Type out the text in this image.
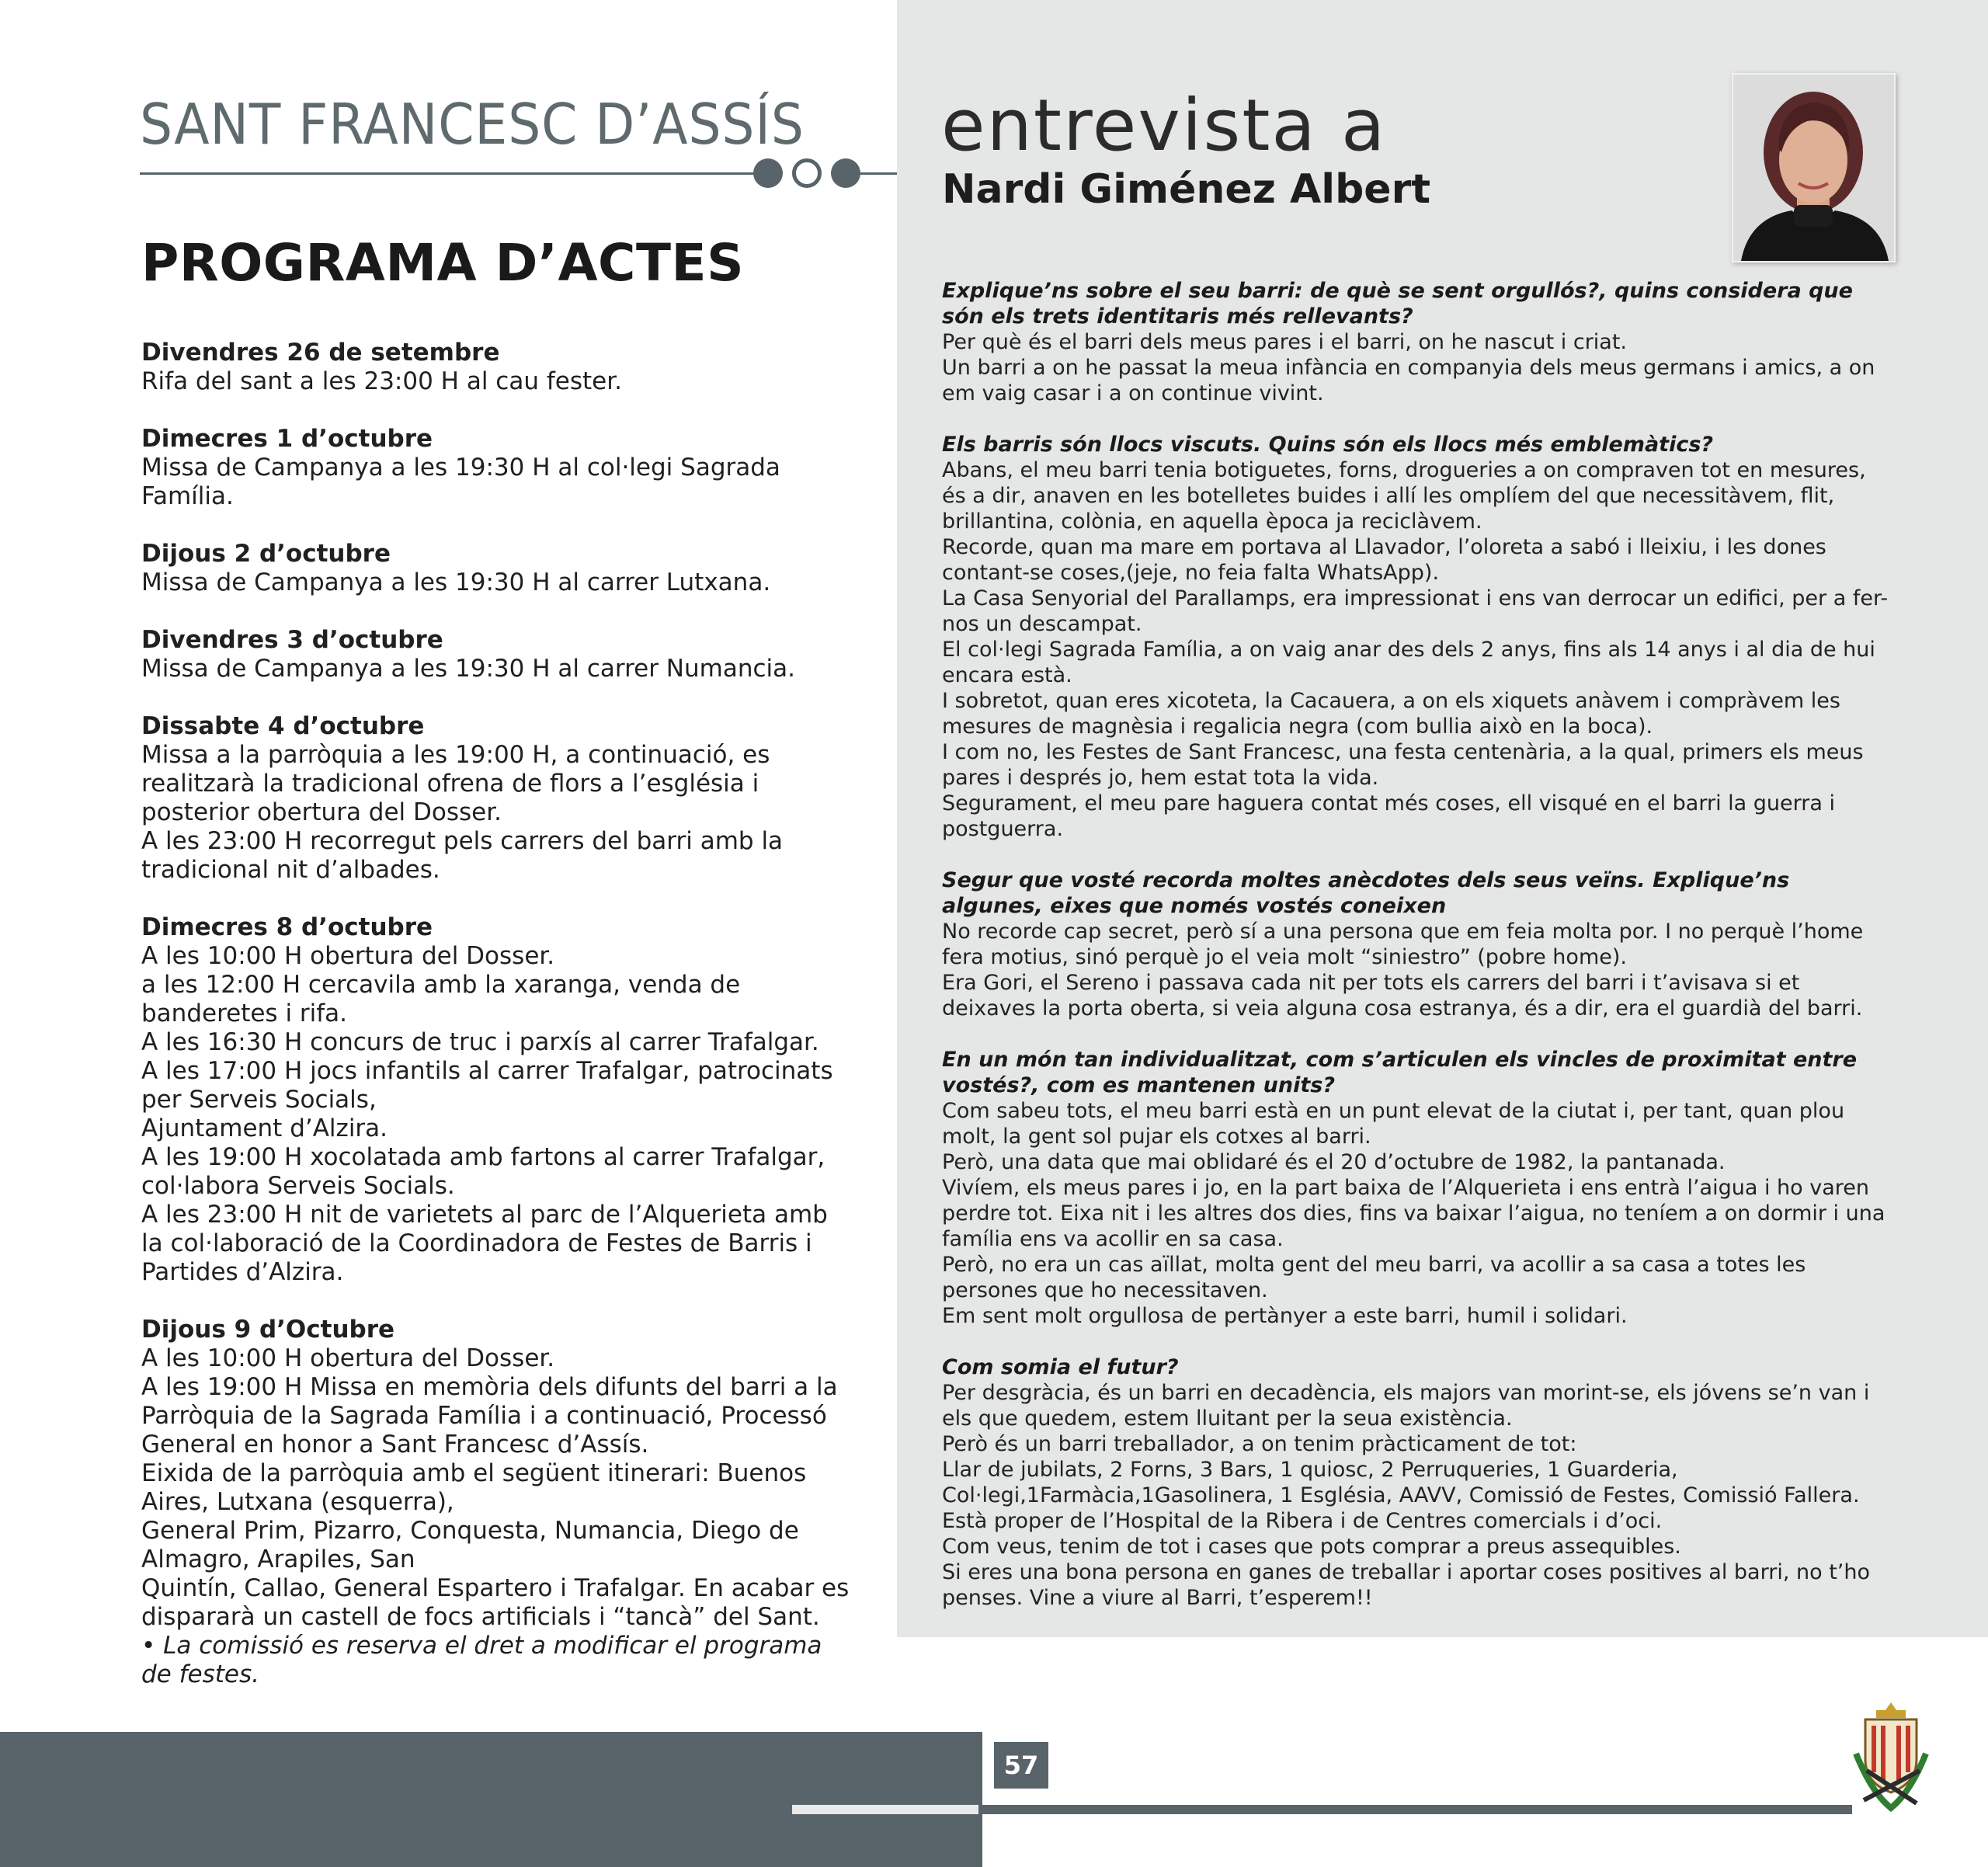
SANT FRANCESC D’ASSÍS
PROGRAMA D’ACTES
Divendres 26 de setembre
Rifa del sant a les 23:00 H al cau fester.
Dimecres 1 d’octubre
Missa de Campanya a les 19:30 H al col·legi Sagrada Família.
Dijous 2 d’octubre
Missa de Campanya a les 19:30 H al carrer Lutxana.
Divendres 3 d’octubre
Missa de Campanya a les 19:30 H al carrer Numancia.
Dissabte 4 d’octubre
Missa a la parròquia a les 19:00 H, a continuació, es realitzarà la tradicional ofrena de flors a l’església i posterior obertura del Dosser.
A les 23:00 H recorregut pels carrers del barri amb la tradicional nit d’albades.
Dimecres 8 d’octubre
A les 10:00 H obertura del Dosser.
a les 12:00 H cercavila amb la xaranga, venda de banderetes i rifa.
A les 16:30 H concurs de truc i parxís al carrer Trafalgar.
A les 17:00 H jocs infantils al carrer Trafalgar, patrocinats per Serveis Socials,
Ajuntament d’Alzira.
A les 19:00 H xocolatada amb fartons al carrer Trafalgar, col·labora Serveis Socials.
A les 23:00 H nit de varietets al parc de l’Alquerieta amb la col·laboració de la Coordinadora de Festes de Barris i Partides d’Alzira.
Dijous 9 d’Octubre
A les 10:00 H obertura del Dosser.
A les 19:00 H Missa en memòria dels difunts del barri a la Parròquia de la Sagrada Família i a continuació, Processó General en honor a Sant Francesc d’Assís.
Eixida de la parròquia amb el següent itinerari: Buenos Aires, Lutxana (esquerra),
General Prim, Pizarro, Conquesta, Numancia, Diego de Almagro, Arapiles, San
Quintín, Callao, General Espartero i Trafalgar. En acabar es dispararà un castell de focs artificials i “tancà” del Sant.
• La comissió es reserva el dret a modificar el programa de festes.
entrevista a
Nardi Giménez Albert
Explique’ns sobre el seu barri: de què se sent orgullós?, quins considera que són els trets identitaris més rellevants?
Per què és el barri dels meus pares i el barri, on he nascut i criat.
Un barri a on he passat la meua infància en companyia dels meus germans i amics, a on em vaig casar i a on continue vivint.
Els barris són llocs viscuts. Quins són els llocs més emblemàtics?
Abans, el meu barri tenia botiguetes, forns, drogueries a on compraven tot en mesures, és a dir, anaven en les botelletes buides i allí les omplíem del que necessitàvem, flit, brillantina, colònia, en aquella època ja reciclàvem.
Recorde, quan ma mare em portava al Llavador, l’oloreta a sabó i lleixiu, i les dones contant-se coses,(jeje, no feia falta WhatsApp).
La Casa Senyorial del Parallamps, era impressionat i ens van derrocar un edifici, per a fer-nos un descampat.
El col·legi Sagrada Família, a on vaig anar des dels 2 anys, fins als 14 anys i al dia de hui encara està.
I sobretot, quan eres xicoteta, la Cacauera, a on els xiquets anàvem i compràvem les mesures de magnèsia i regalicia negra (com bullia això en la boca).
I com no, les Festes de Sant Francesc, una festa centenària, a la qual, primers els meus pares i després jo, hem estat tota la vida.
Segurament, el meu pare haguera contat més coses, ell visqué en el barri la guerra i postguerra.
Segur que vosté recorda moltes anècdotes dels seus veïns. Explique’ns algunes, eixes que només vostés coneixen
No recorde cap secret, però sí a una persona que em feia molta por. I no perquè l’home fera motius, sinó perquè jo el veia molt “siniestro” (pobre home).
Era Gori, el Sereno i passava cada nit per tots els carrers del barri i t’avisava si et deixaves la porta oberta, si veia alguna cosa estranya, és a dir, era el guardià del barri.
En un món tan individualitzat, com s’articulen els vincles de proximitat entre vostés?, com es mantenen units?
Com sabeu tots, el meu barri està en un punt elevat de la ciutat i, per tant, quan plou molt, la gent sol pujar els cotxes al barri.
Però, una data que mai oblidaré és el 20 d’octubre de 1982, la pantanada.
Vivíem, els meus pares i jo, en la part baixa de l’Alquerieta i ens entrà l’aigua i ho varen perdre tot. Eixa nit i les altres dos dies, fins va baixar l’aigua, no teníem a on dormir i una família ens va acollir en sa casa.
Però, no era un cas aïllat, molta gent del meu barri, va acollir a sa casa a totes les persones que ho necessitaven.
Em sent molt orgullosa de pertànyer a este barri, humil i solidari.
Com somia el futur?
Per desgràcia, és un barri en decadència, els majors van morint-se, els jóvens se’n van i els que quedem, estem lluitant per la seua existència.
Però és un barri treballador, a on tenim pràcticament de tot:
Llar de jubilats, 2 Forns, 3 Bars, 1 quiosc, 2 Perruqueries, 1 Guarderia, Col·legi,1Farmàcia,1Gasolinera, 1 Església, AAVV, Comissió de Festes, Comissió Fallera.
Està proper de l’Hospital de la Ribera i de Centres comercials i d’oci.
Com veus, tenim de tot i cases que pots comprar a preus assequibles.
Si eres una bona persona en ganes de treballar i aportar coses positives al barri, no t’ho penses. Vine a viure al Barri, t’esperem!!
57
